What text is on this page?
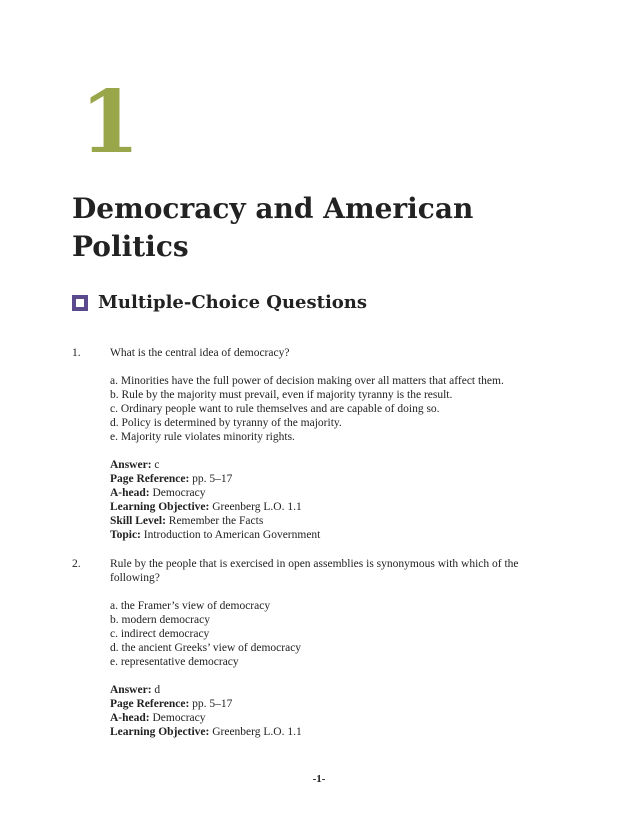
1
Democracy and American Politics
Multiple-Choice Questions
1.	What is the central idea of democracy?

a. Minorities have the full power of decision making over all matters that affect them.
b. Rule by the majority must prevail, even if majority tyranny is the result.
c. Ordinary people want to rule themselves and are capable of doing so.
d. Policy is determined by tyranny of the majority.
e. Majority rule violates minority rights.
Answer: c
Page Reference: pp. 5–17
A-head: Democracy
Learning Objective: Greenberg L.O. 1.1
Skill Level: Remember the Facts
Topic: Introduction to American Government
2.	Rule by the people that is exercised in open assemblies is synonymous with which of the following?

a. the Framer’s view of democracy
b. modern democracy
c. indirect democracy
d. the ancient Greeks’ view of democracy
e. representative democracy
Answer: d
Page Reference: pp. 5–17
A-head: Democracy
Learning Objective: Greenberg L.O. 1.1
-1-
